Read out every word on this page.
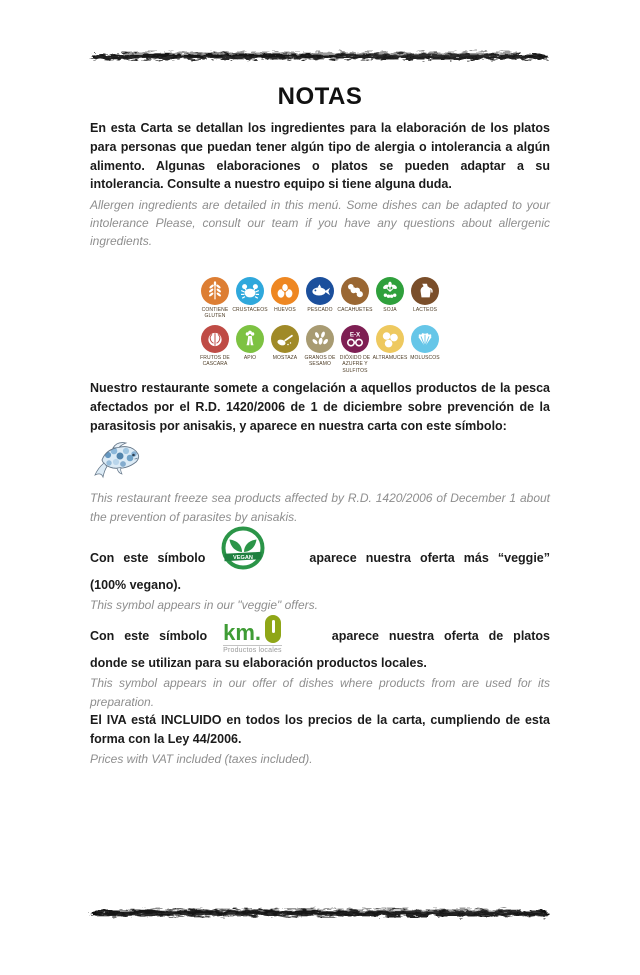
NOTAS

En esta Carta se detallan los ingredientes para la elaboración de los platos para personas que puedan tener algún tipo de alergia o intolerancia a algún alimento. Algunas elaboraciones o platos se pueden adaptar a su intolerancia. Consulte a nuestro equipo si tiene alguna duda.

Allergen ingredients are detailed in this menú. Some dishes can be adapted to your intolerance Please, consult our team if you have any questions about allergenic ingredients.

CONTIENE GLUTEN
CRUSTACEOS	HUEVOS	PESCADO CACAHUETES	SOJA	LACTEOS
FRUTOS DE CASCARA
APIO	MOSTAZA	GRANOS DE SESAMO
E-X
DIÓXIDO DE AZUFRE Y SULFITOS
ALTRAMUCES MOLUSCOS

Nuestro restaurante somete a congelación a aquellos productos de la pesca afectados por el R.D. 1420/2006 de 1 de diciembre sobre prevención de la parasitosis por anisakis, y aparece en nuestra carta con este símbolo:

This restaurant freeze sea products affected by R.D. 1420/2006 of December 1 about the prevention of parasites by anisakis.

Con este símbolo	VEGAN	aparece nuestra oferta más “veggie” (100% vegano).

This symbol appears in our "veggie" offers.

Con este símbolo km.
Productos locales
aparece nuestra oferta de platos donde se utilizan para su elaboración productos locales.

This symbol appears in our offer of dishes where products from are used for its preparation.

El IVA está INCLUIDO en todos los precios de la carta, cumpliendo de esta forma con la Ley 44/2006.

Prices with VAT included (taxes included).
